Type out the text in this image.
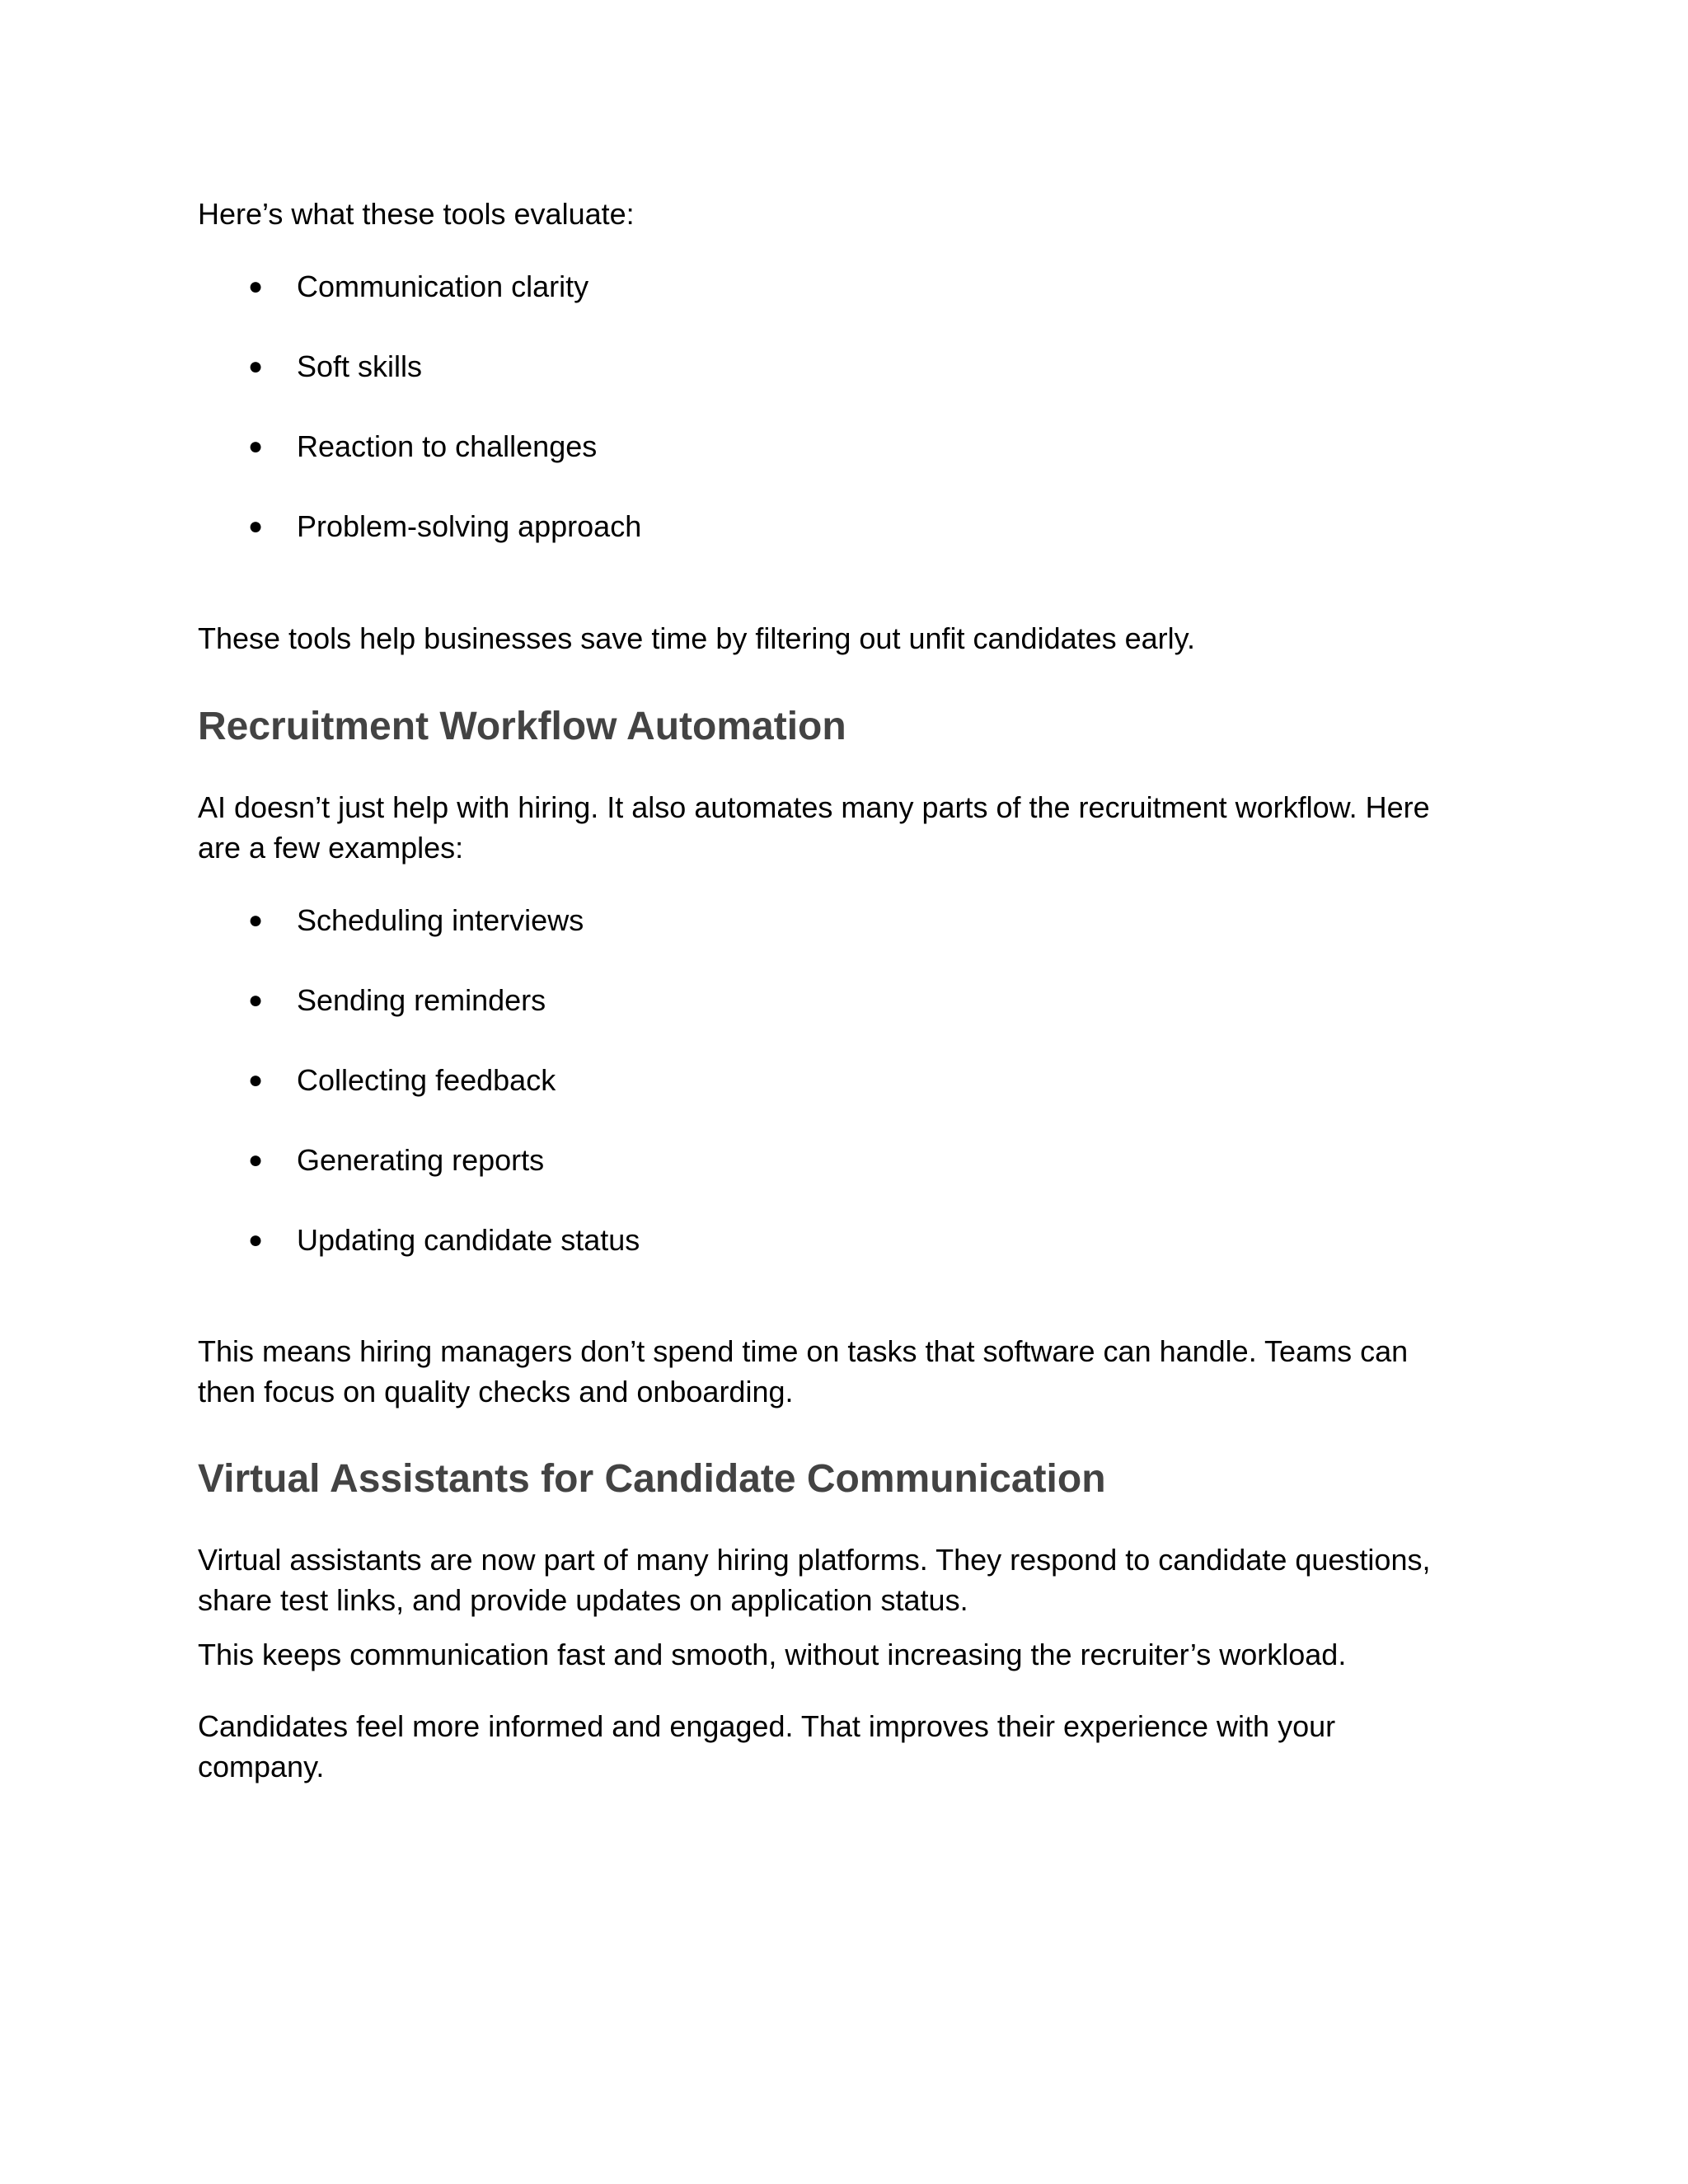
Here’s what these tools evaluate:

● Communication clarity
● Soft skills
● Reaction to challenges
● Problem-solving approach

These tools help businesses save time by filtering out unfit candidates early.

Recruitment Workflow Automation

AI doesn’t just help with hiring. It also automates many parts of the recruitment workflow. Here
are a few examples:

● Scheduling interviews
● Sending reminders
● Collecting feedback
● Generating reports
● Updating candidate status

This means hiring managers don’t spend time on tasks that software can handle. Teams can
then focus on quality checks and onboarding.

Virtual Assistants for Candidate Communication

Virtual assistants are now part of many hiring platforms. They respond to candidate questions,
share test links, and provide updates on application status.

This keeps communication fast and smooth, without increasing the recruiter’s workload.

Candidates feel more informed and engaged. That improves their experience with your
company.
